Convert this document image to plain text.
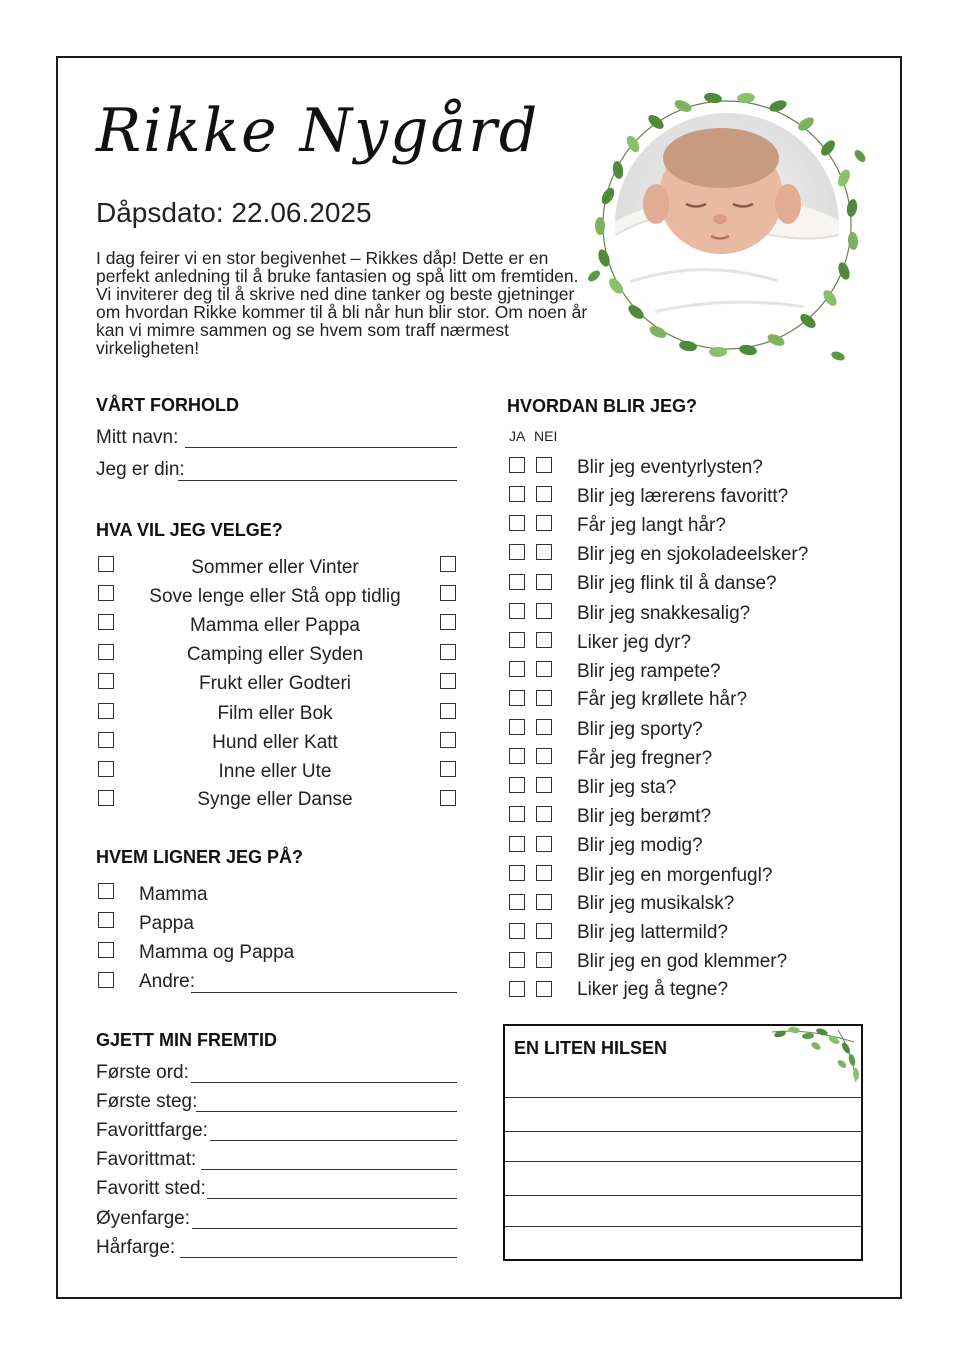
Rikke Nygård
Dåpsdato: 22.06.2025

I dag feirer vi en stor begivenhet – Rikkes dåp! Dette er en perfekt anledning til å bruke fantasien og spå litt om fremtiden. Vi inviterer deg til å skrive ned dine tanker og beste gjetninger om hvordan Rikke kommer til å bli når hun blir stor. Om noen år kan vi mimre sammen og se hvem som traff nærmest virkeligheten!

VÅRT FORHOLD
Mitt navn:
Jeg er din:
HVA VIL JEG VELGE?
Sommer eller Vinter
Sove lenge eller Stå opp tidlig
Mamma eller Pappa
Camping eller Syden
Frukt eller Godteri
Film eller Bok
Hund eller Katt
Inne eller Ute
Synge eller Danse
HVEM LIGNER JEG PÅ?
Mamma
Pappa
Mamma og Pappa
Andre:
GJETT MIN FREMTID
Første ord:
Første steg:
Favorittfarge:
Favorittmat:
Favoritt sted:
Øyenfarge:
Hårfarge:
HVORDAN BLIR JEG?
JA NEI
Blir jeg eventyrlysten?
Blir jeg lærerens favoritt?
Får jeg langt hår?
Blir jeg en sjokoladeelsker?
Blir jeg flink til å danse?
Blir jeg snakkesalig?
Liker jeg dyr?
Blir jeg rampete?
Får jeg krøllete hår?
Blir jeg sporty?
Får jeg fregner?
Blir jeg sta?
Blir jeg berømt?
Blir jeg modig?
Blir jeg en morgenfugl?
Blir jeg musikalsk?
Blir jeg lattermild?
Blir jeg en god klemmer?
Liker jeg å tegne?
EN LITEN HILSEN
